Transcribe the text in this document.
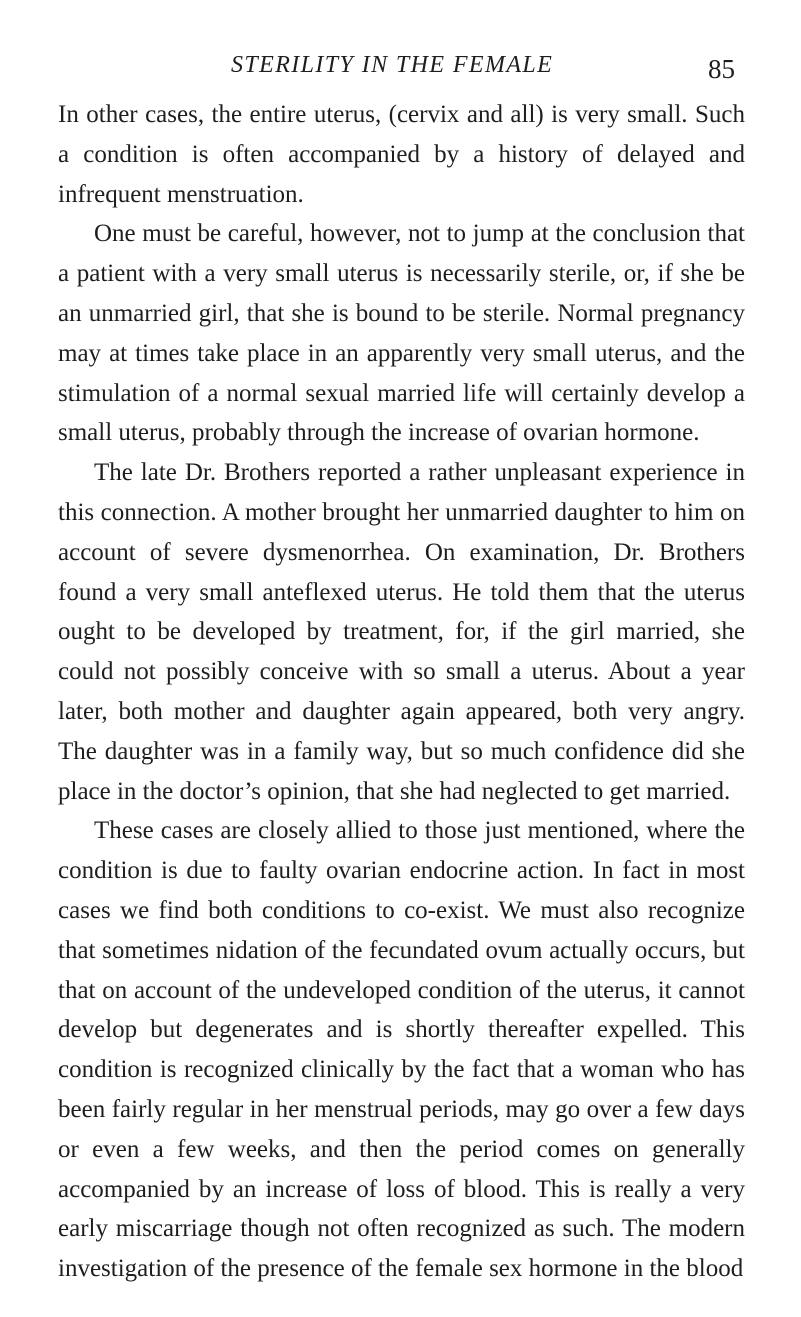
STERILITY IN THE FEMALE	85

In other cases, the entire uterus, (cervix and all) is very small. Such a condition is often accompanied by a history of delayed and infrequent menstruation.

One must be careful, however, not to jump at the conclusion that a patient with a very small uterus is necessarily sterile, or, if she be an unmarried girl, that she is bound to be sterile. Normal pregnancy may at times take place in an apparently very small uterus, and the stimulation of a normal sexual married life will certainly develop a small uterus, probably through the increase of ovarian hormone.

The late Dr. Brothers reported a rather unpleasant experience in this connection. A mother brought her unmarried daughter to him on account of severe dysmenorrhea. On examination, Dr. Brothers found a very small anteflexed uterus. He told them that the uterus ought to be developed by treatment, for, if the girl married, she could not possibly conceive with so small a uterus. About a year later, both mother and daughter again appeared, both very angry. The daughter was in a family way, but so much confidence did she place in the doctor’s opinion, that she had neglected to get married.

These cases are closely allied to those just mentioned, where the condition is due to faulty ovarian endocrine action. In fact in most cases we find both conditions to co-exist. We must also recognize that sometimes nidation of the fecundated ovum actually occurs, but that on account of the undeveloped condition of the uterus, it cannot develop but degenerates and is shortly thereafter expelled. This condition is recognized clinically by the fact that a woman who has been fairly regular in her menstrual periods, may go over a few days or even a few weeks, and then the period comes on generally accompanied by an increase of loss of blood. This is really a very early miscarriage though not often recognized as such. The modern investigation of the presence of the female sex hormone in the blood
